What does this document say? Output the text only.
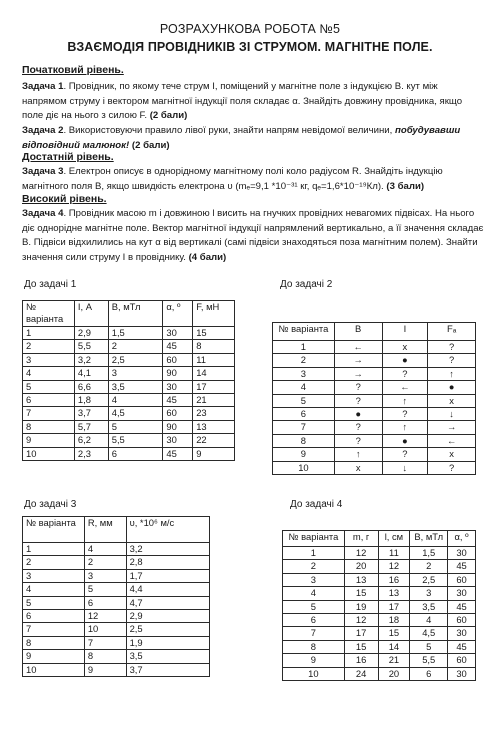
РОЗРАХУНКОВА РОБОТА №5
ВЗАЄМОДІЯ ПРОВІДНИКІВ ЗІ СТРУМОМ. МАГНІТНЕ ПОЛЕ.
Початковий рівень.
Задача 1. Провідник, по якому тече струм I, поміщений у магнітне поле з індукцією B. кут між напрямом струму і вектором магнітної індукції поля складає α. Знайдіть довжину провідника, якщо поле діє на нього з силою F. (2 бали)
Задача 2. Використовуючи правило лівої руки, знайти напрям невідомої величини, побудувавши відповідний малюнок! (2 бали)
Достатній рівень.
Задача 3. Електрон описує в однорідному магнітному полі коло радіусом R. Знайдіть індукцію магнітного поля B, якщо швидкість електрона υ (mₑ=9,1 *10⁻³¹ кг, qₑ=1,6*10⁻¹⁹Кл). (3 бали)
Високий рівень.
Задача 4. Провідник масою m і довжиною l висить на гнучких провідних невагомих підвісах. На нього діє однорідне магнітне поле. Вектор магнітної індукції напрямлений вертикально, а її значення складає B. Підвіси відхилились на кут α від вертикалі (самі підвіси знаходяться поза магнітним полем). Знайти значення сили струму I в провіднику. (4 бали)
До задачі 1	До задачі 2
№ варіанта	I, А	B, мТл	α, º	F, мН
1	2,9	1,5	30	15
2	5,5	2	45	8
3	3,2	2,5	60	11
4	4,1	3	90	14
5	6,6	3,5	30	17
6	1,8	4	45	21
7	3,7	4,5	60	23
8	5,7	5	90	13
9	6,2	5,5	30	22
10	2,3	6	45	9
№ варіанта	B	I	Fₐ
1	←	x	?
2	→	●	?
3	→	?	↑
4	?	←	●
5	?	↑	x
6	●	?	↓
7	?	↑	→
8	?	●	←
9	↑	?	x
10	x	↓	?
До задачі 3	До задачі 4
№ варіанта	R, мм	υ, *10⁶ м/с
1	4	3,2
2	2	2,8
3	3	1,7
4	5	4,4
5	6	4,7
6	12	2,9
7	10	2,5
8	7	1,9
9	8	3,5
10	9	3,7
№ варіанта	m, г	l, см	B, мТл	α, º
1	12	11	1,5	30
2	20	12	2	45
3	13	16	2,5	60
4	15	13	3	30
5	19	17	3,5	45
6	12	18	4	60
7	17	15	4,5	30
8	15	14	5	45
9	16	21	5,5	60
10	24	20	6	30
